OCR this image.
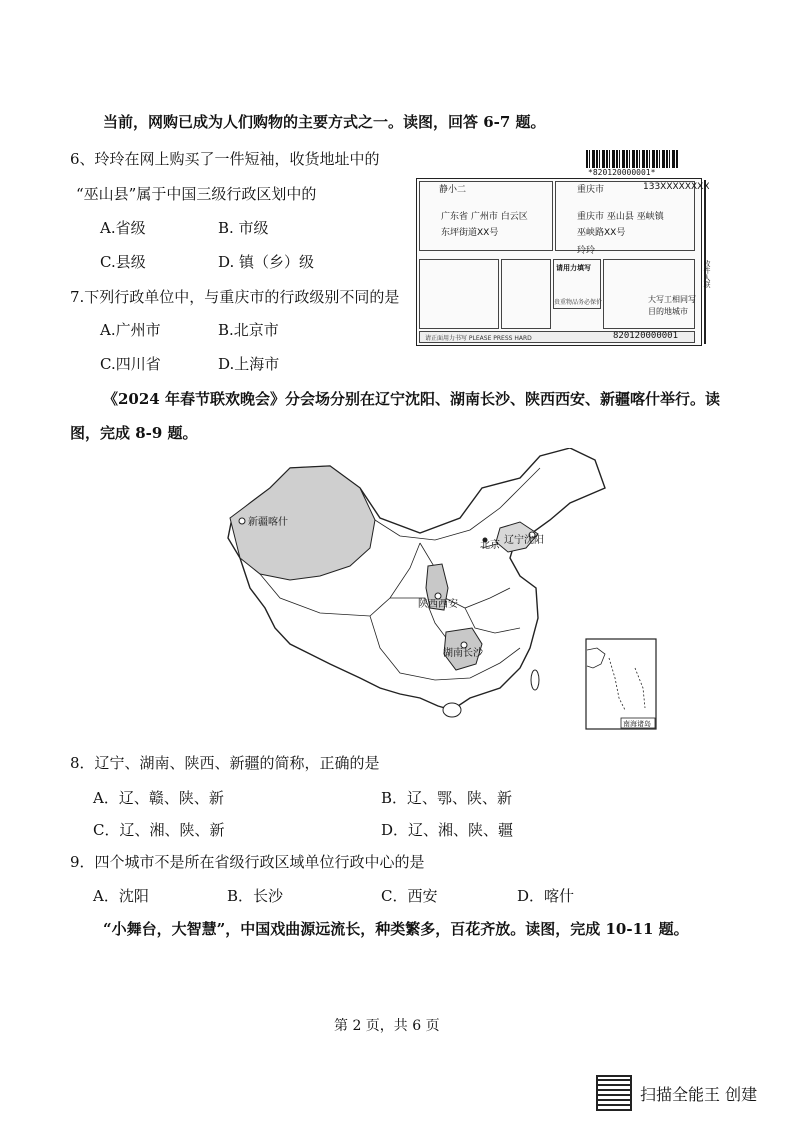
当前，网购已成为人们购物的主要方式之一。读图，回答 6-7 题。
6、玲玲在网上购买了一件短袖，收货地址中的
“巫山县”属于中国三级行政区划中的
A.省级	B. 市级
C.县级	D. 镇（乡）级
7.下列行政单位中，与重庆市的行政级别不同的是
A.广州市	B.北京市
C.四川省	D.上海市
*820120000001*
静小二
广东省 广州市 白云区
东坪街道XX号
重庆市	133XXXXXXXX
重庆市 巫山县 巫峡镇
巫峡路XX号
玲玲
请用力填写
贵重物品务必保价	大写工相同写
目的地城市
请正面用力书写 PLEASE PRESS HARD	820120000001
收件人联
《2024 年春节联欢晚会》分会场分别在辽宁沈阳、湖南长沙、陕西西安、新疆喀什举行。读
图，完成 8-9 题。
新疆喀什
辽宁沈阳
北京
陕西西安
湖南长沙
南海诸岛
8．辽宁、湖南、陕西、新疆的简称，正确的是
A．辽、赣、陕、新	B．辽、鄂、陕、新
C．辽、湘、陕、新	D．辽、湘、陕、疆
9．四个城市不是所在省级行政区域单位行政中心的是
A．沈阳	B．长沙	C．西安	D．喀什
“小舞台，大智慧”，中国戏曲源远流长，种类繁多，百花齐放。读图，完成 10-11 题。
第 2 页，共 6 页
扫描全能王 创建
